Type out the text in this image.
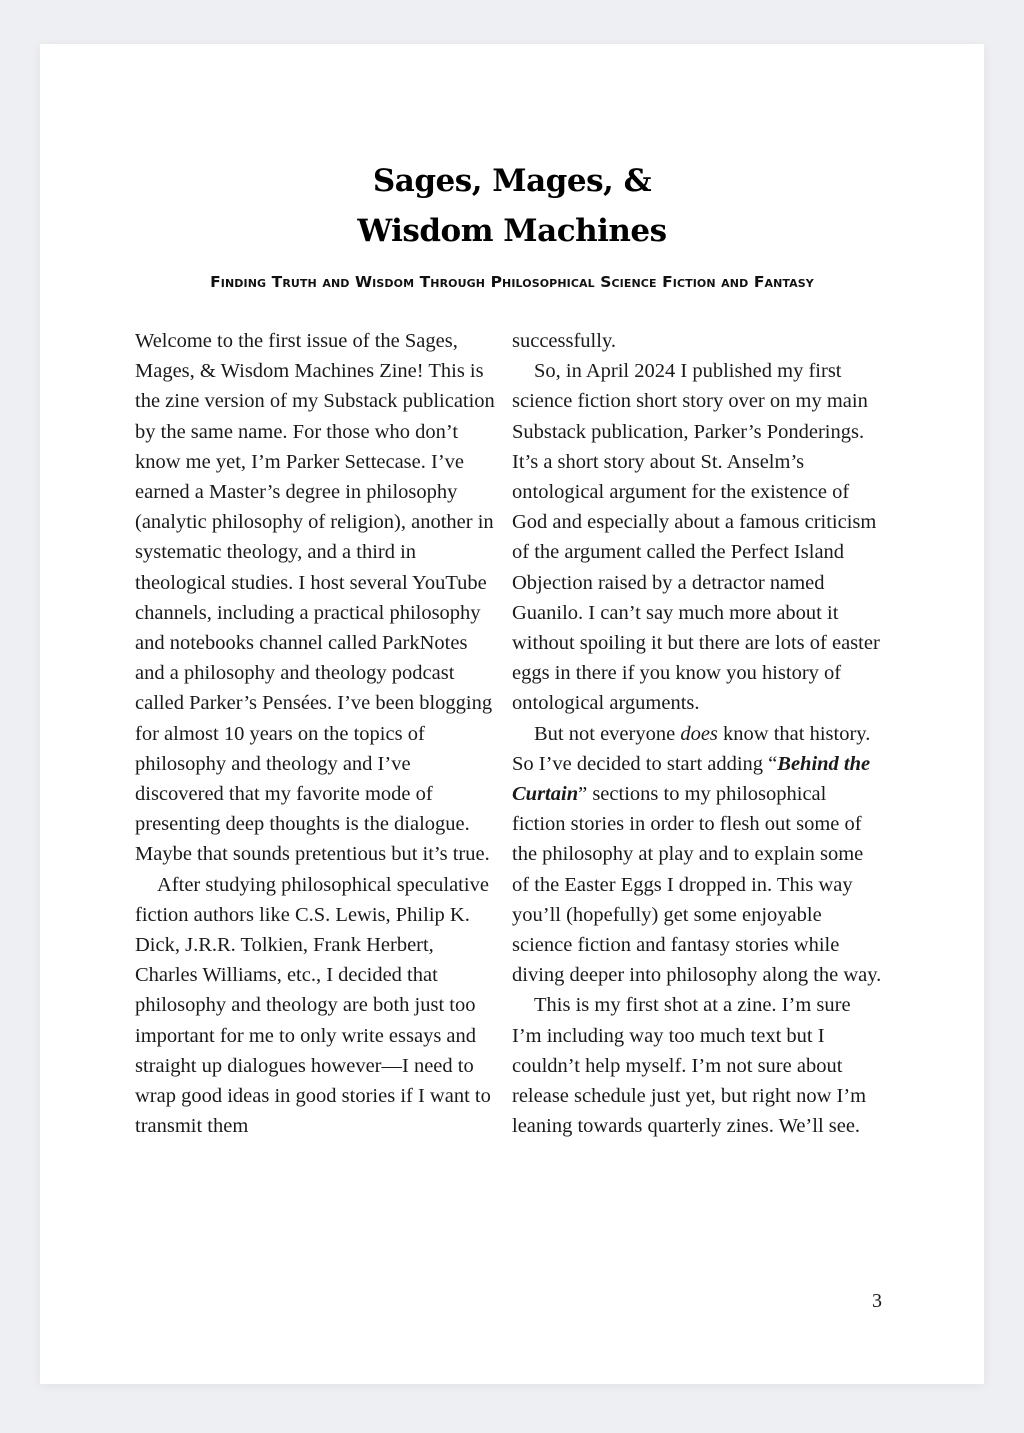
Sages, Mages, &
Wisdom Machines
Finding Truth and Wisdom Through Philosophical Science Fiction and Fantasy

Welcome to the first issue of the Sages, Mages, & Wisdom Machines Zine! This is the zine version of my Substack publication by the same name. For those who don’t know me yet, I’m Parker Settecase. I’ve earned a Master’s degree in philosophy (analytic philosophy of religion), another in systematic theology, and a third in theological studies. I host several YouTube channels, including a practical philosophy and notebooks channel called ParkNotes and a philosophy and theology podcast called Parker’s Pensées. I’ve been blogging for almost 10 years on the topics of philosophy and theology and I’ve discovered that my favorite mode of presenting deep thoughts is the dialogue. Maybe that sounds pretentious but it’s true.

After studying philosophical speculative fiction authors like C.S. Lewis, Philip K. Dick, J.R.R. Tolkien, Frank Herbert, Charles Williams, etc., I decided that philosophy and theology are both just too important for me to only write essays and straight up dialogues however—I need to wrap good ideas in good stories if I want to transmit them

successfully.

So, in April 2024 I published my first science fiction short story over on my main Substack publication, Parker’s Ponderings. It’s a short story about St. Anselm’s ontological argument for the existence of God and especially about a famous criticism of the argument called the Perfect Island Objection raised by a detractor named Guanilo. I can’t say much more about it without spoiling it but there are lots of easter eggs in there if you know you history of ontological arguments.

But not everyone does know that history. So I’ve decided to start adding “Behind the Curtain” sections to my philosophical fiction stories in order to flesh out some of the philosophy at play and to explain some of the Easter Eggs I dropped in. This way you’ll (hopefully) get some enjoyable science fiction and fantasy stories while diving deeper into philosophy along the way.

This is my first shot at a zine. I’m sure I’m including way too much text but I couldn’t help myself. I’m not sure about release schedule just yet, but right now I’m leaning towards quarterly zines. We’ll see.

3
